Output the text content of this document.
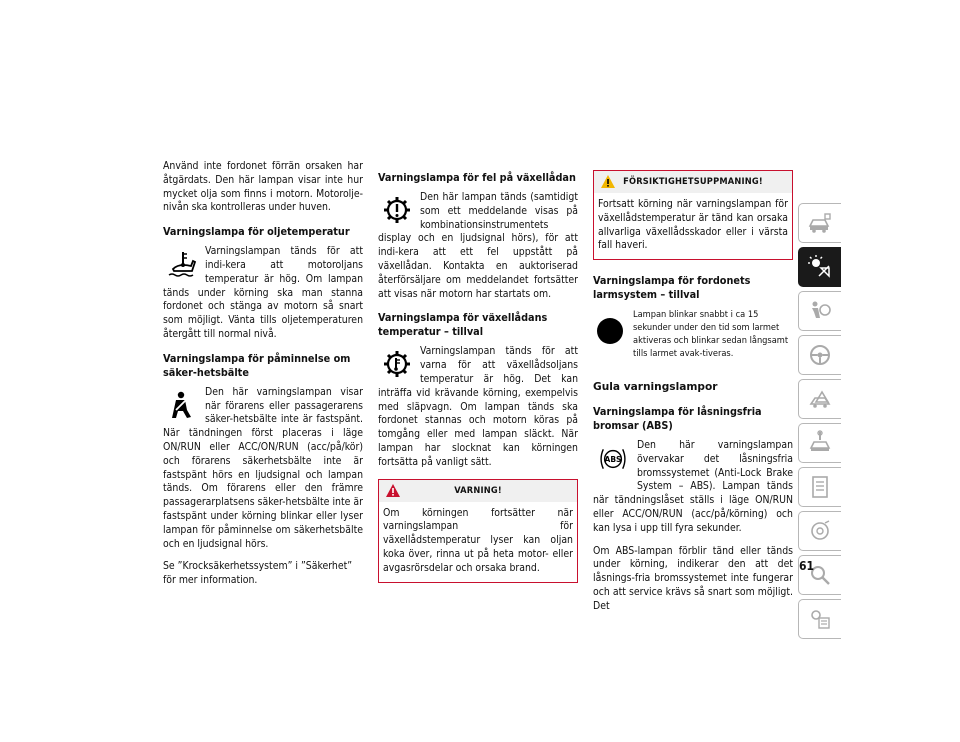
Använd inte fordonet förrän orsaken har åtgärdats. Den här lampan visar inte hur mycket olja som finns i motorn. Motorolje-nivån ska kontrolleras under huven.

Varningslampa för oljetemperatur

Varningslampan tänds för att indi-kera att motoroljans temperatur är hög. Om lampan tänds under körning ska man stanna fordonet och stänga av motorn så snart som möjligt. Vänta tills oljetemperaturen återgått till normal nivå.

Varningslampa för påminnelse om säker-hetsbälte

Den här varningslampan visar när förarens eller passagerarens säker-hetsbälte inte är fastspänt. När tändningen först placeras i läge ON/RUN eller ACC/ON/RUN (acc/på/kör) och förarens säkerhetsbälte inte är fastspänt hörs en ljudsignal och lampan tänds. Om förarens eller den främre passagerarplatsens säker-hetsbälte inte är fastspänt under körning blinkar eller lyser lampan för påminnelse om säkerhetsbälte och en ljudsignal hörs.

Se ”Krocksäkerhetssystem” i ”Säkerhet” för mer information.

Varningslampa för fel på växellådan

Den här lampan tänds (samtidigt som ett meddelande visas på kombinationsinstrumentets display och en ljudsignal hörs), för att indi-kera att ett fel uppstått på växellådan. Kontakta en auktoriserad återförsäljare om meddelandet fortsätter att visas när motorn har startats om.

Varningslampa för växellådans temperatur – tillval

Varningslampan tänds för att varna för att växellådsoljans temperatur är hög. Det kan inträffa vid krävande körning, exempelvis med släpvagn. Om lampan tänds ska fordonet stannas och motorn köras på tomgång eller med lampan släckt. När lampan har slocknat kan körningen fortsätta på vanligt sätt.

VARNING!
Om körningen fortsätter när varningslampan för växellådstemperatur lyser kan oljan koka över, rinna ut på heta motor- eller avgasrörsdelar och orsaka brand.
FÖRSIKTIGHETSUPPMANING!
Fortsatt körning när varningslampan för växellådstemperatur är tänd kan orsaka allvarliga växellådsskador eller i värsta fall haveri.
Varningslampa för fordonets larmsystem – tillval

Lampan blinkar snabbt i ca 15 sekunder under den tid som larmet aktiveras och blinkar sedan långsamt tills larmet avak-tiveras.

Gula varningslampor
Varningslampa för låsningsfria bromsar (ABS)
ABS

Den här varningslampan övervakar det låsningsfria bromssystemet (Anti-Lock Brake System – ABS). Lampan tänds när tändningslåset ställs i läge ON/RUN eller ACC/ON/RUN (acc/på/körning) och kan lysa i upp till fyra sekunder.

Om ABS-lampan förblir tänd eller tänds under körning, indikerar den att det låsnings-fria bromssystemet inte fungerar och att service krävs så snart som möjligt. Det

61
